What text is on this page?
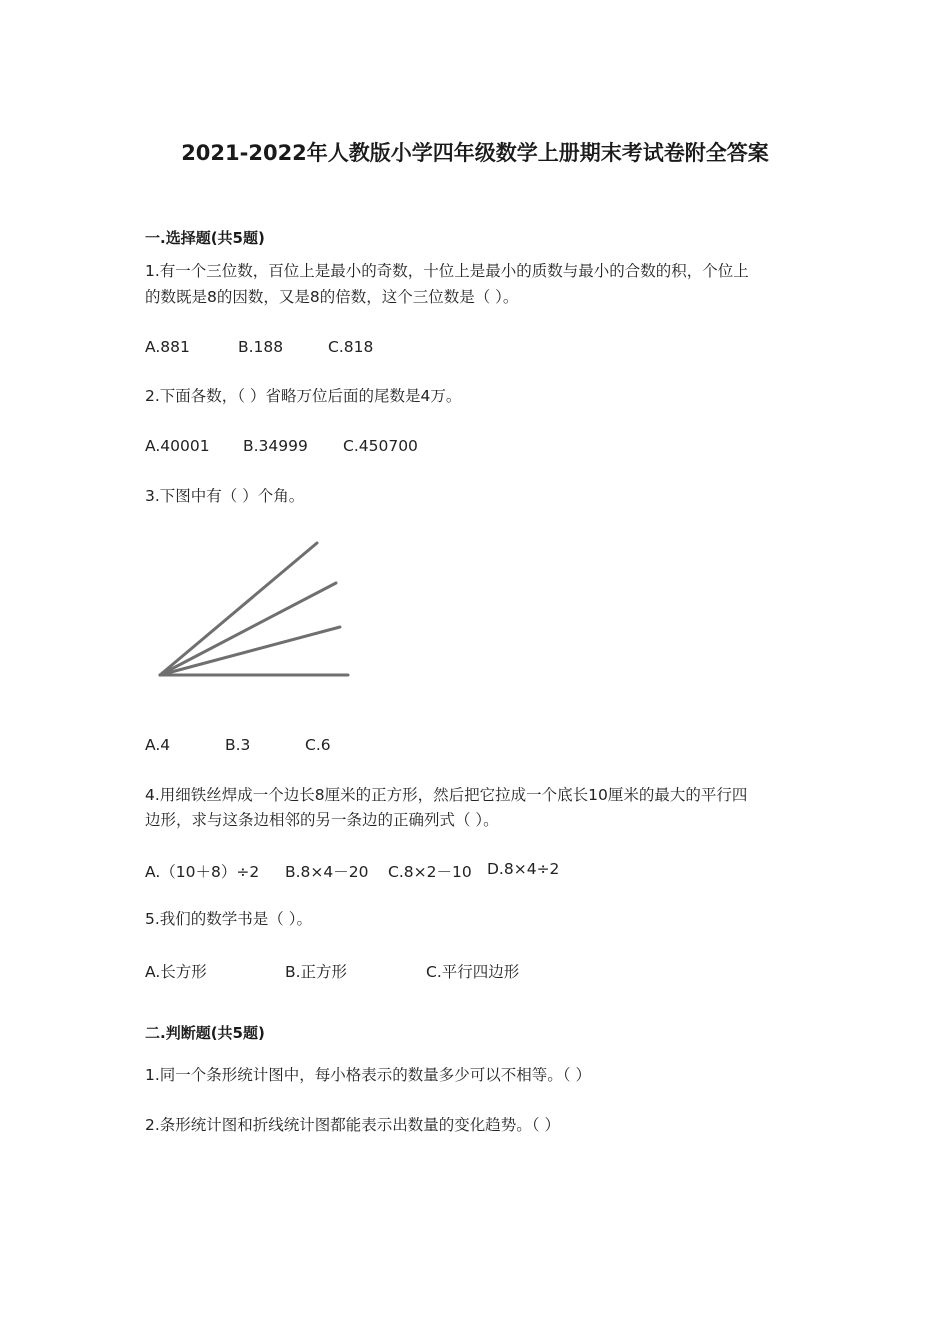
2021-2022年人教版小学四年级数学上册期末考试卷附全答案
一.选择题(共5题)
1.有一个三位数，百位上是最小的奇数，十位上是最小的质数与最小的合数的积，个位上
的数既是8的因数，又是8的倍数，这个三位数是（ ）。
A.881	B.188	C.818
2.下面各数，（ ）省略万位后面的尾数是4万。
A.40001 B.34999 C.450700
3.下图中有（ ）个角。
A.4	B.3	C.6
4.用细铁丝焊成一个边长8厘米的正方形，然后把它拉成一个底长10厘米的最大的平行四
边形，求与这条边相邻的另一条边的正确列式（ ）。
A.（10＋8）÷2 B.8×4－20 C.8×2－10 D.8×4÷2
5.我们的数学书是（ ）。
A.长方形	B.正方形	C.平行四边形
二.判断题(共5题)
1.同一个条形统计图中，每小格表示的数量多少可以不相等。（ ）
2.条形统计图和折线统计图都能表示出数量的变化趋势。（ ）
